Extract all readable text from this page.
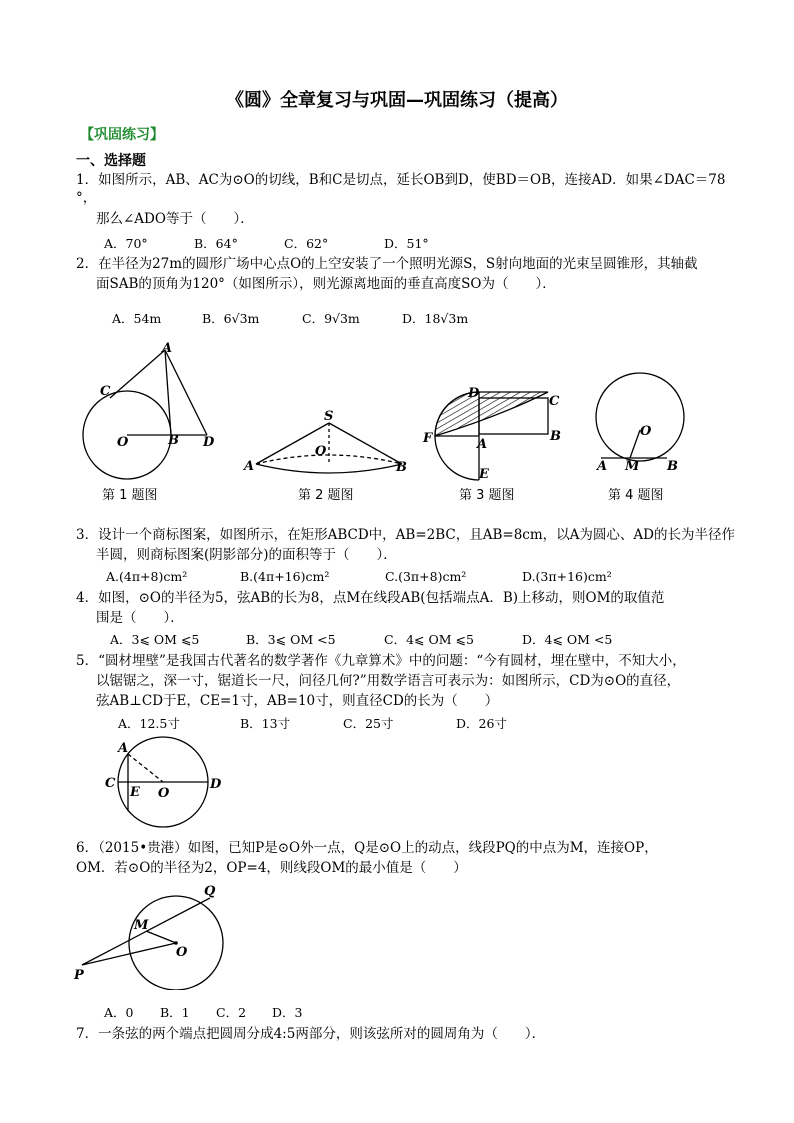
《圆》全章复习与巩固—巩固练习（提高）
【巩固练习】
一、选择题
1．如图所示，AB、AC为⊙O的切线，B和C是切点，延长OB到D，使BD＝OB，连接AD．如果∠DAC＝78
°，
那么∠ADO等于（　　）．
A．70°	B．64°	C．62°	D．51°
2．在半径为27m的圆形广场中心点O的上空安装了一个照明光源S，S射向地面的光束呈圆锥形，其轴截
面SAB的顶角为120°（如图所示），则光源离地面的垂直高度SO为（　　）．
A．54m	B．6√3m	C．9√3m	D．18√3m
A
C
O	B D
S
O
A	B
D
C
F	A
B
E
O
A M B
第 1 题图	第 2 题图	第 3 题图	第 4 题图
3．设计一个商标图案，如图所示，在矩形ABCD中，AB=2BC，且AB=8cm，以A为圆心、AD的长为半径作
半圆，则商标图案(阴影部分)的面积等于（　　）．
A.(4π+8)cm²	B.(4π+16)cm²	C.(3π+8)cm²	D.(3π+16)cm²
4．如图，⊙O的半径为5，弦AB的长为8，点M在线段AB(包括端点A．B)上移动，则OM的取值范
围是（　　）．
A．3⩽ OM ⩽5	B．3⩽ OM <5	C．4⩽ OM ⩽5	D．4⩽ OM <5
5．“圆材埋壁”是我国古代著名的数学著作《九章算术》中的问题：“今有圆材，埋在壁中，不知大小，
以锯锯之，深一寸，锯道长一尺，问径几何?”用数学语言可表示为：如图所示，CD为⊙O的直径，
弦AB⊥CD于E，CE=1寸，AB=10寸，则直径CD的长为（　　）
A．12.5寸	B．13寸	C．25寸	D．26寸
A
C
E O
D
6．（2015•贵港）如图，已知P是⊙O外一点，Q是⊙O上的动点，线段PQ的中点为M，连接OP，
OM．若⊙O的半径为2，OP=4，则线段OM的最小值是（　　）
Q
M
O
P
A．0 B．1 C．2 D．3
7．一条弦的两个端点把圆周分成4:5两部分，则该弦所对的圆周角为（　　）．
